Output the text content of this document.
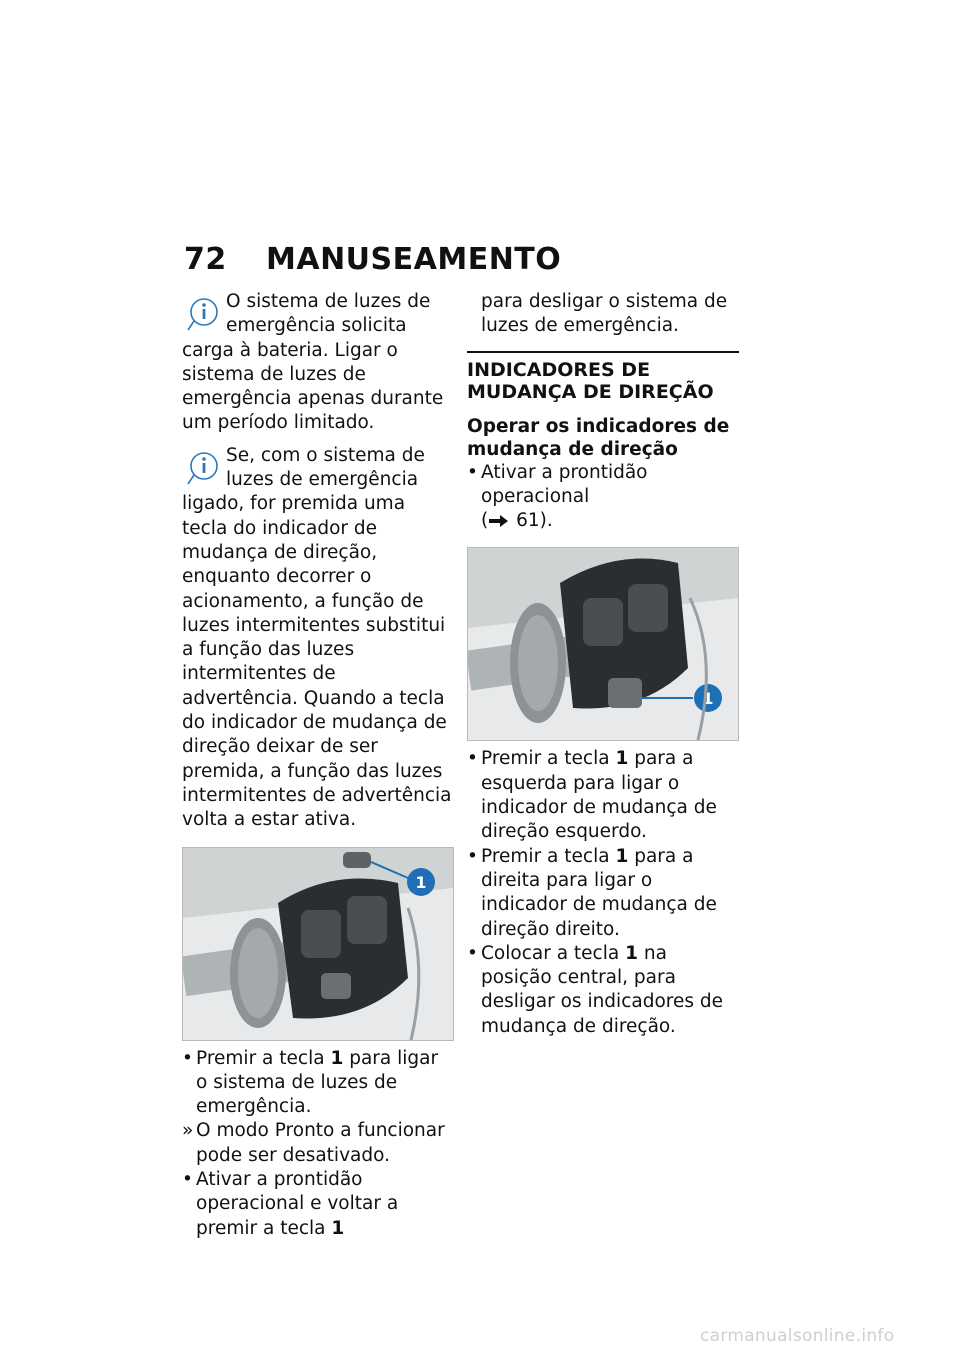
72 MANUSEAMENTO

O sistema de luzes de emergência solicita carga à bateria. Ligar o sistema de luzes de emergência apenas durante um período limitado.

Se, com o sistema de luzes de emergência ligado, for premida uma tecla do indicador de mudança de direção, enquanto decorrer o acionamento, a função de luzes intermitentes substitui a função das luzes intermitentes de advertência. Quando a tecla do indicador de mudança de direção deixar de ser premida, a função das luzes intermitentes de advertência volta a estar ativa.

1
• Premir a tecla 1 para ligar o sistema de luzes de emergência.
» O modo Pronto a funcionar pode ser desativado.
• Ativar a prontidão operacional e voltar a premir a tecla 1

para desligar o sistema de luzes de emergência.

INDICADORES DE MUDANÇA DE DIREÇÃO
Operar os indicadores de mudança de direção
• Ativar a prontidão operacional
( 61).
1
• Premir a tecla 1 para a esquerda para ligar o indicador de mudança de direção esquerdo.
• Premir a tecla 1 para a direita para ligar o indicador de mudança de direção direito.
• Colocar a tecla 1 na posição central, para desligar os indicadores de mudança de direção.
carmanualsonline.info
